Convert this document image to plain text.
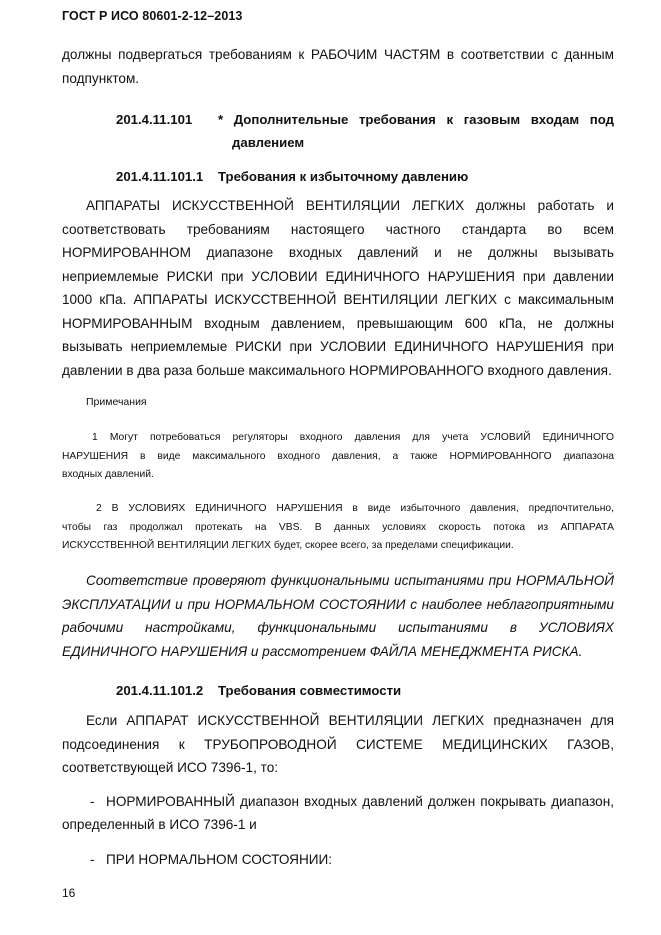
ГОСТ Р ИСО 80601-2-12–2013
должны подвергаться требованиям к РАБОЧИМ ЧАСТЯМ в соответствии с данным
подпунктом.
201.4.11.101 * Дополнительные требования к газовым входам под
давлением
201.4.11.101.1 Требования к избыточному давлению
АППАРАТЫ ИСКУССТВЕННОЙ ВЕНТИЛЯЦИИ ЛЕГКИХ должны работать и
соответствовать требованиям настоящего частного стандарта во всем
НОРМИРОВАННОМ диапазоне входных давлений и не должны вызывать
неприемлемые РИСКИ при УСЛОВИИ ЕДИНИЧНОГО НАРУШЕНИЯ при давлении
1000 кПа. АППАРАТЫ ИСКУССТВЕННОЙ ВЕНТИЛЯЦИИ ЛЕГКИХ с максимальным
НОРМИРОВАННЫМ входным давлением, превышающим 600 кПа, не должны
вызывать неприемлемые РИСКИ при УСЛОВИИ ЕДИНИЧНОГО НАРУШЕНИЯ при
давлении в два раза больше максимального НОРМИРОВАННОГО входного давления.
Примечания
1 Могут потребоваться регуляторы входного давления для учета УСЛОВИЙ ЕДИНИЧНОГО
НАРУШЕНИЯ в виде максимального входного давления, а также НОРМИРОВАННОГО диапазона
входных давлений.
2 В УСЛОВИЯХ ЕДИНИЧНОГО НАРУШЕНИЯ в виде избыточного давления, предпочтительно,
чтобы газ продолжал протекать на VBS. В данных условиях скорость потока из АППАРАТА
ИСКУССТВЕННОЙ ВЕНТИЛЯЦИИ ЛЕГКИХ будет, скорее всего, за пределами спецификации.
Соответствие проверяют функциональными испытаниями при НОРМАЛЬНОЙ
ЭКСПЛУАТАЦИИ и при НОРМАЛЬНОМ СОСТОЯНИИ с наиболее неблагоприятными
рабочими настройками, функциональными испытаниями в УСЛОВИЯХ
ЕДИНИЧНОГО НАРУШЕНИЯ и рассмотрением ФАЙЛА МЕНЕДЖМЕНТА РИСКА.
201.4.11.101.2 Требования совместимости
Если АППАРАТ ИСКУССТВЕННОЙ ВЕНТИЛЯЦИИ ЛЕГКИХ предназначен для
подсоединения к ТРУБОПРОВОДНОЙ СИСТЕМЕ МЕДИЦИНСКИХ ГАЗОВ,
соответствующей ИСО 7396-1, то:
- НОРМИРОВАННЫЙ диапазон входных давлений должен покрывать диапазон,
определенный в ИСО 7396-1 и
- ПРИ НОРМАЛЬНОМ СОСТОЯНИИ:
16
